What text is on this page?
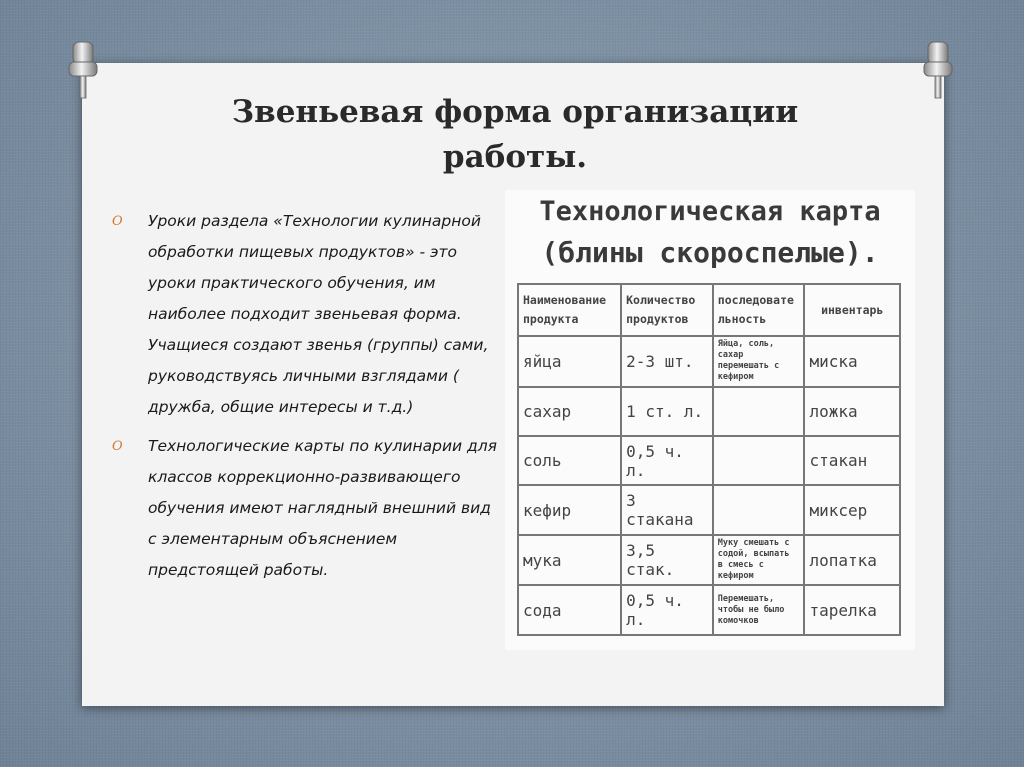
Звеньевая форма организации
работы.
O Уроки раздела «Технологии кулинарной обработки пищевых продуктов» - это уроки практического обучения, им наиболее подходит звеньевая форма. Учащиеся создают звенья (группы) сами, руководствуясь личными взглядами ( дружба, общие интересы и т.д.)
O Технологические карты по кулинарии для классов коррекционно-развивающего обучения имеют наглядный внешний вид с элементарным объяснением предстоящей работы.
Технологическая карта
(блины скороспелые).
Наименование продукта	Количество продуктов	последовате льность	инвентарь
яйца	2-3 шт.	Яйца, соль, сахар перемешать с кефиром	миска
сахар	1 ст. л.		ложка
соль	0,5 ч. л.		стакан
кефир	3 стакана		миксер
мука	3,5 стак.	Муку смешать с содой, всыпать в смесь с кефиром	лопатка
сода	0,5 ч. л.	Перемешать, чтобы не было комочков	тарелка
